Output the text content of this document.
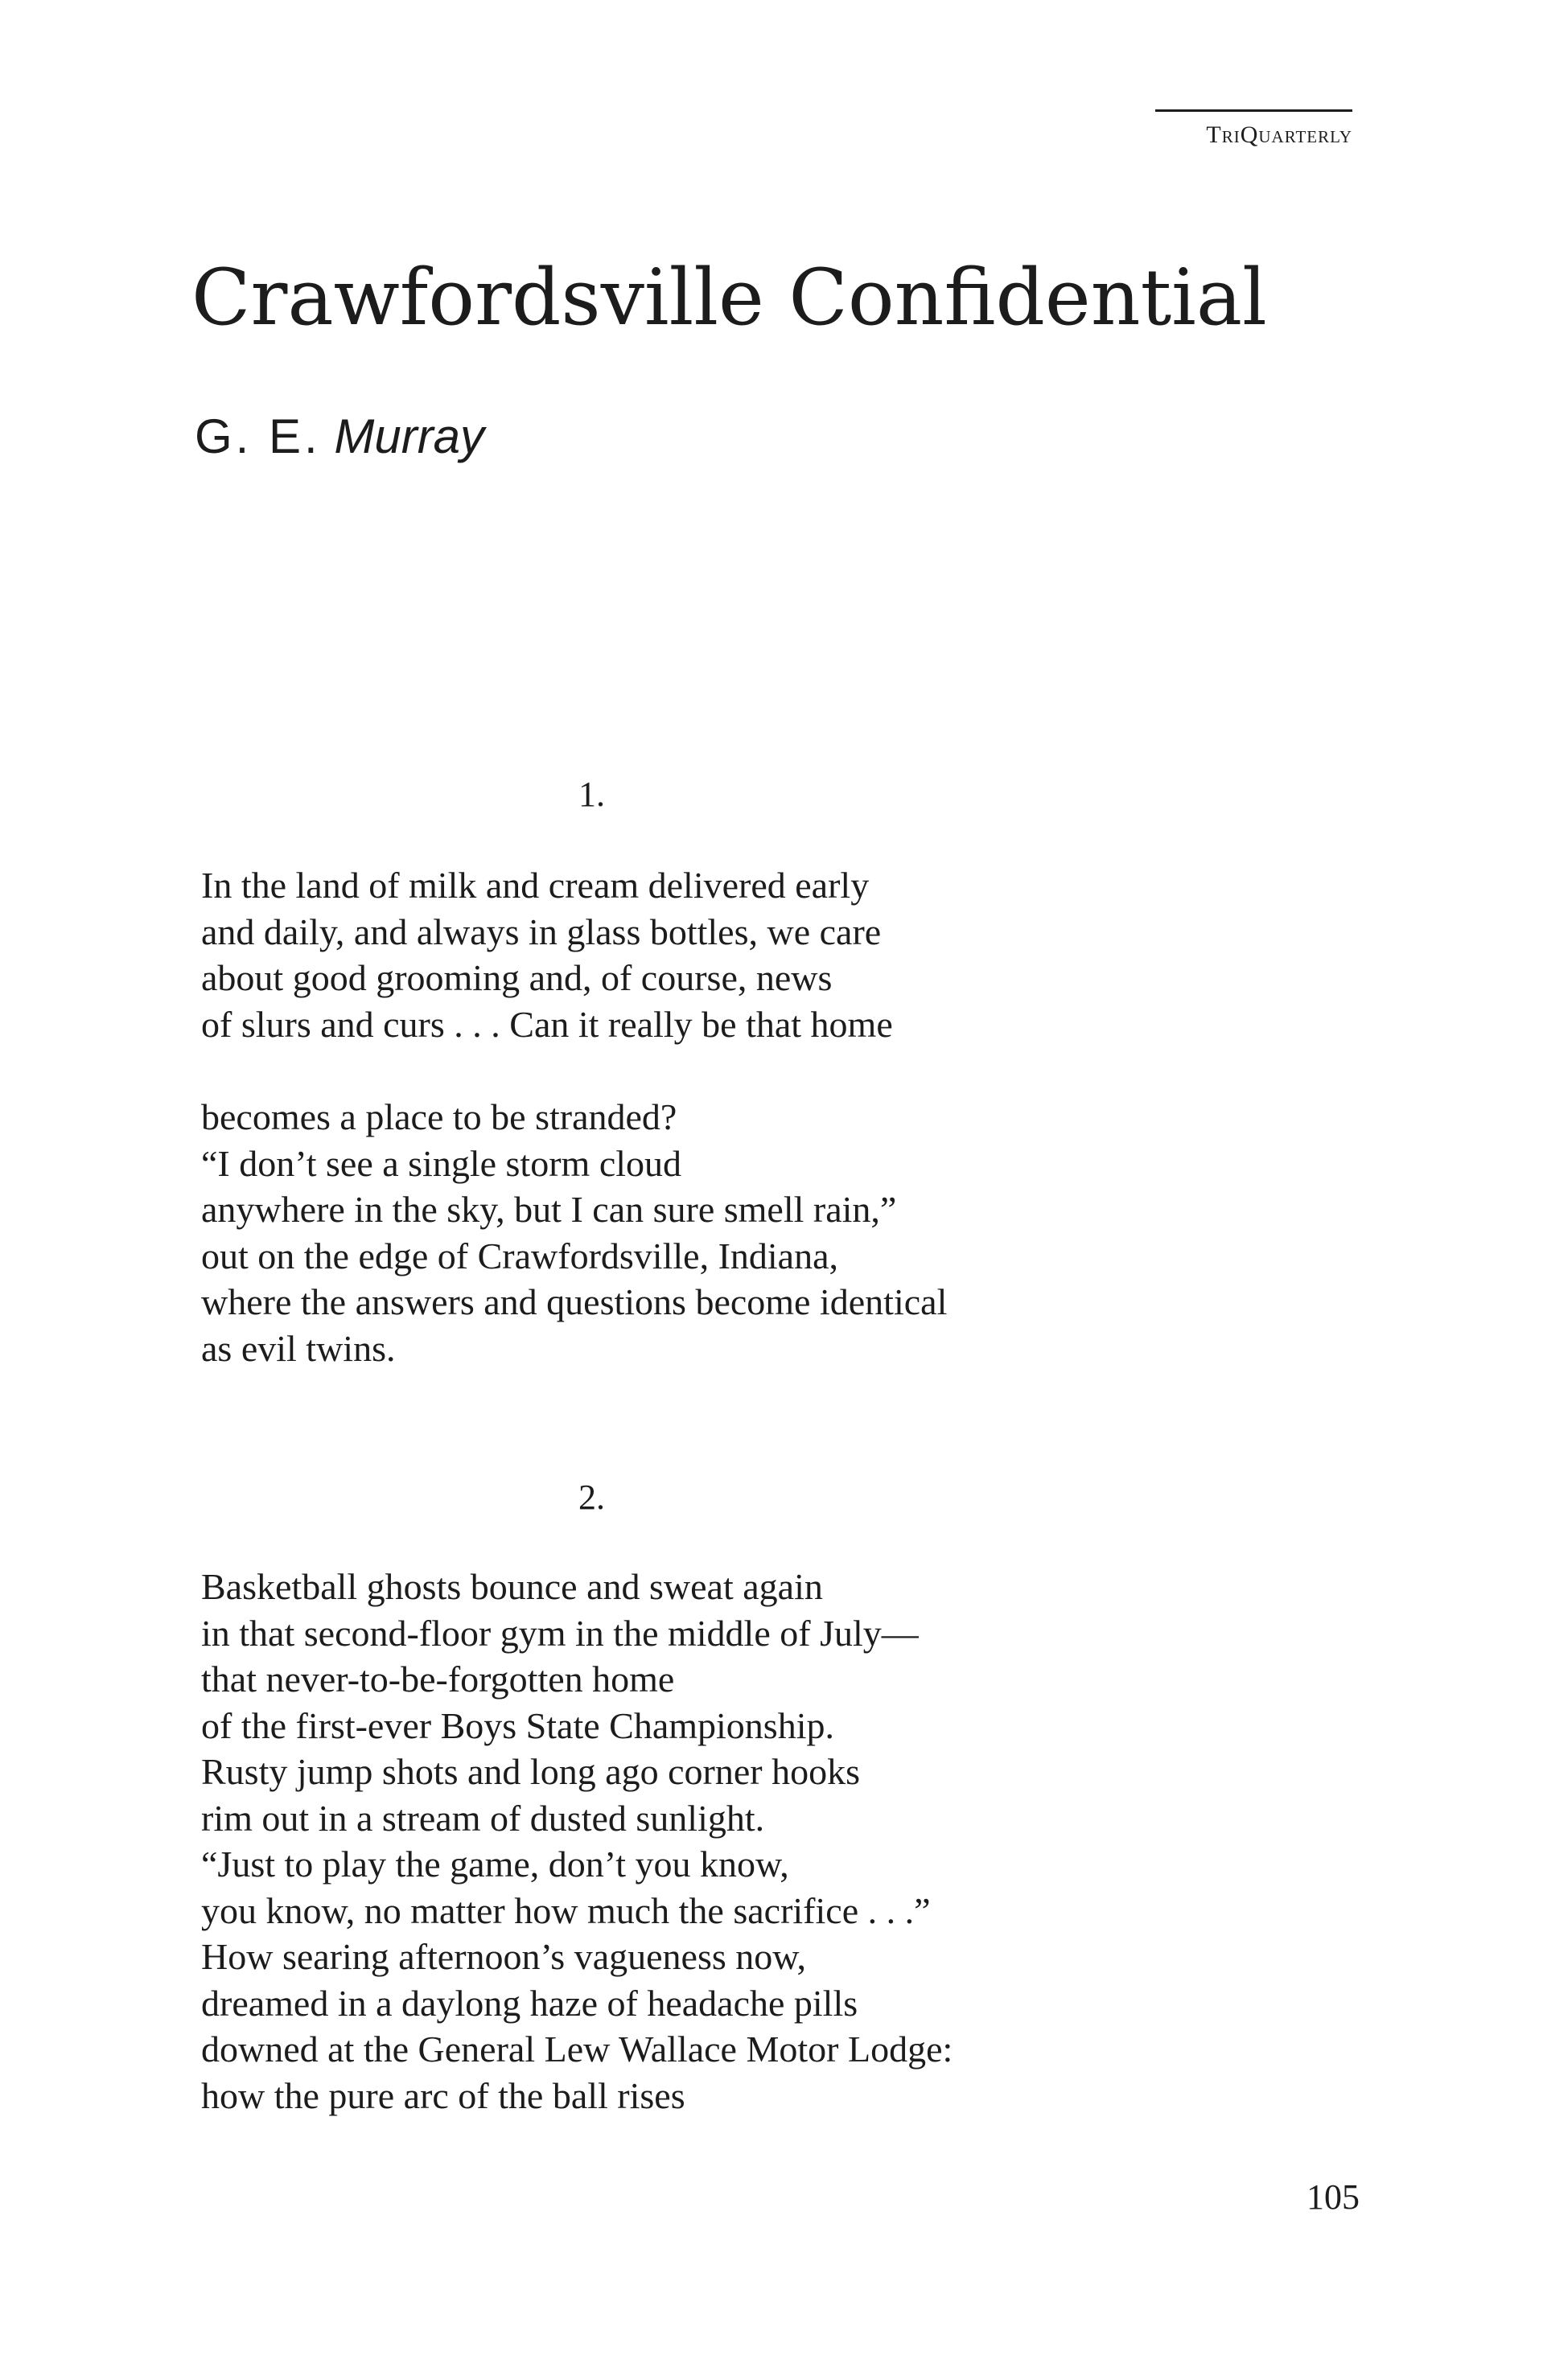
TriQuarterly
Crawfordsville Confidential
G. E. Murray
1.
In the land of milk and cream delivered early
and daily, and always in glass bottles, we care
about good grooming and, of course, news
of slurs and curs . . . Can it really be that home
becomes a place to be stranded?
“I don’t see a single storm cloud
anywhere in the sky, but I can sure smell rain,”
out on the edge of Crawfordsville, Indiana,
where the answers and questions become identical
as evil twins.
2.
Basketball ghosts bounce and sweat again
in that second-floor gym in the middle of July—
that never-to-be-forgotten home
of the first-ever Boys State Championship.
Rusty jump shots and long ago corner hooks
rim out in a stream of dusted sunlight.
“Just to play the game, don’t you know,
you know, no matter how much the sacrifice . . .”
How searing afternoon’s vagueness now,
dreamed in a daylong haze of headache pills
downed at the General Lew Wallace Motor Lodge:
how the pure arc of the ball rises
105
